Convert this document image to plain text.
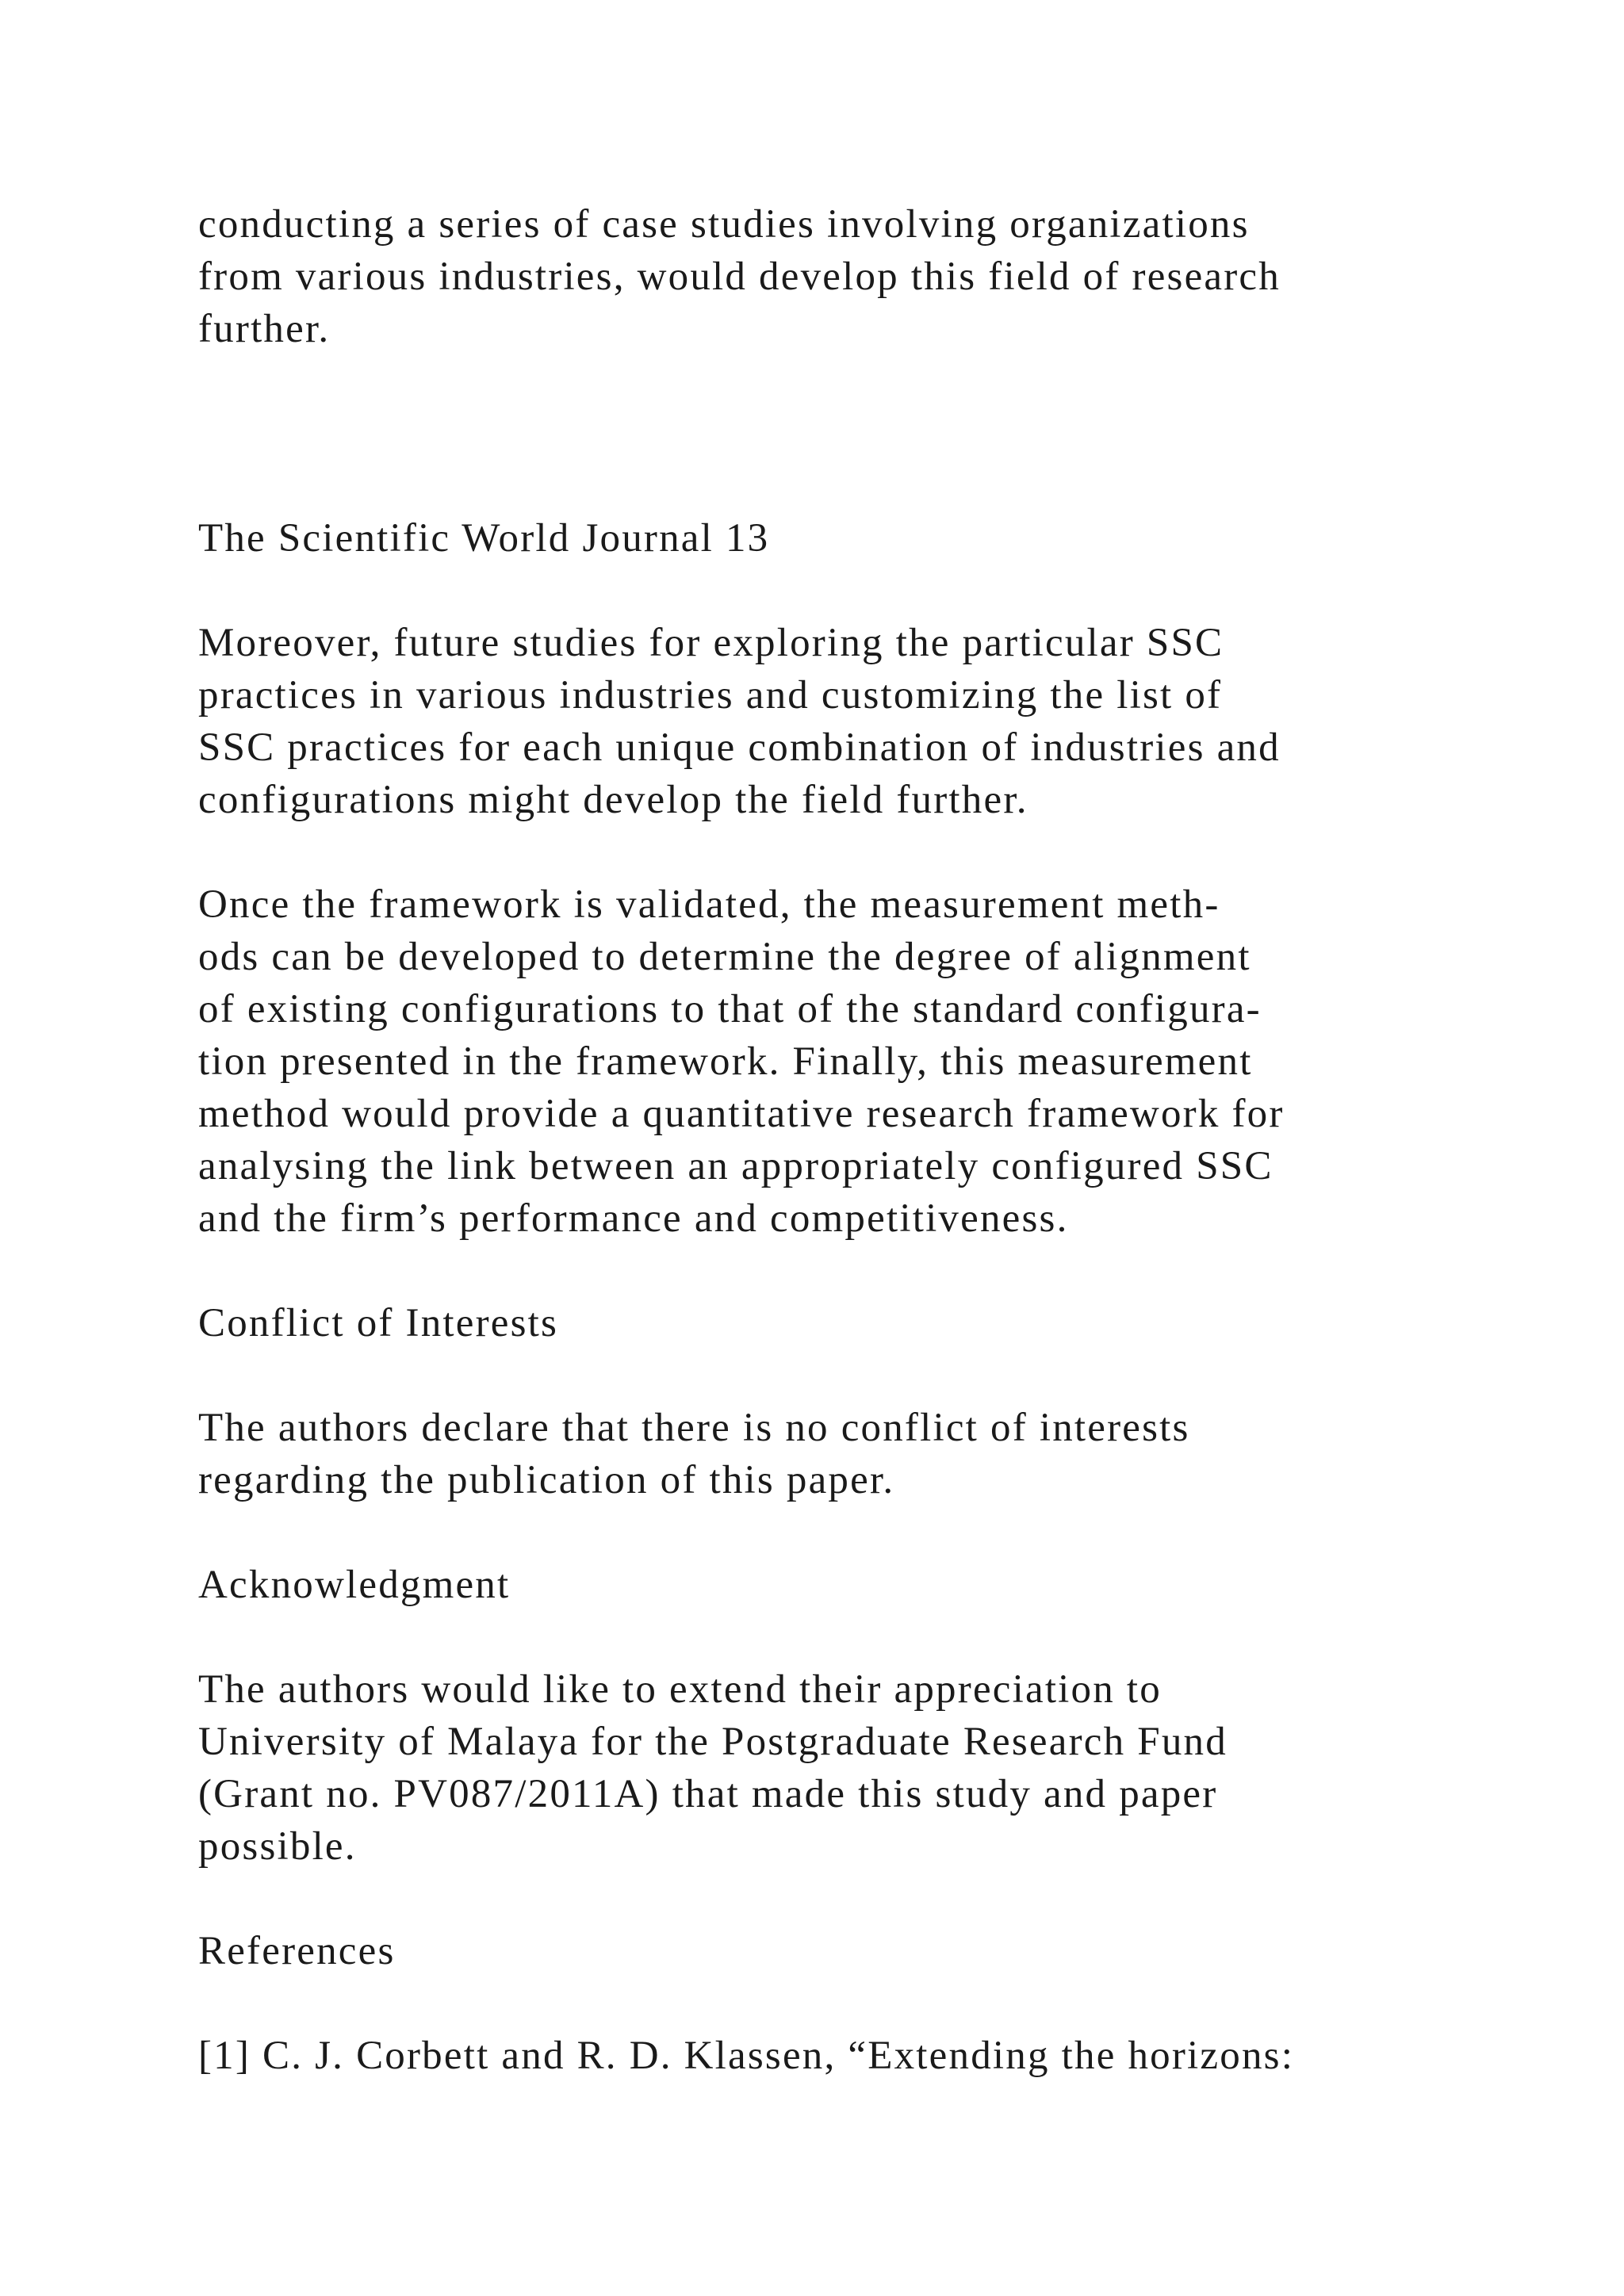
conducting a series of case studies involving organizations
from various industries, would develop this field of research
further.
The Scientific World Journal 13
Moreover, future studies for exploring the particular SSC
practices in various industries and customizing the list of
SSC practices for each unique combination of industries and
configurations might develop the field further.
Once the framework is validated, the measurement meth-
ods can be developed to determine the degree of alignment
of existing configurations to that of the standard configura-
tion presented in the framework. Finally, this measurement
method would provide a quantitative research framework for
analysing the link between an appropriately configured SSC
and the firm’s performance and competitiveness.
Conflict of Interests
The authors declare that there is no conflict of interests
regarding the publication of this paper.
Acknowledgment
The authors would like to extend their appreciation to
University of Malaya for the Postgraduate Research Fund
(Grant no. PV087/2011A) that made this study and paper
possible.
References
[1] C. J. Corbett and R. D. Klassen, “Extending the horizons:
